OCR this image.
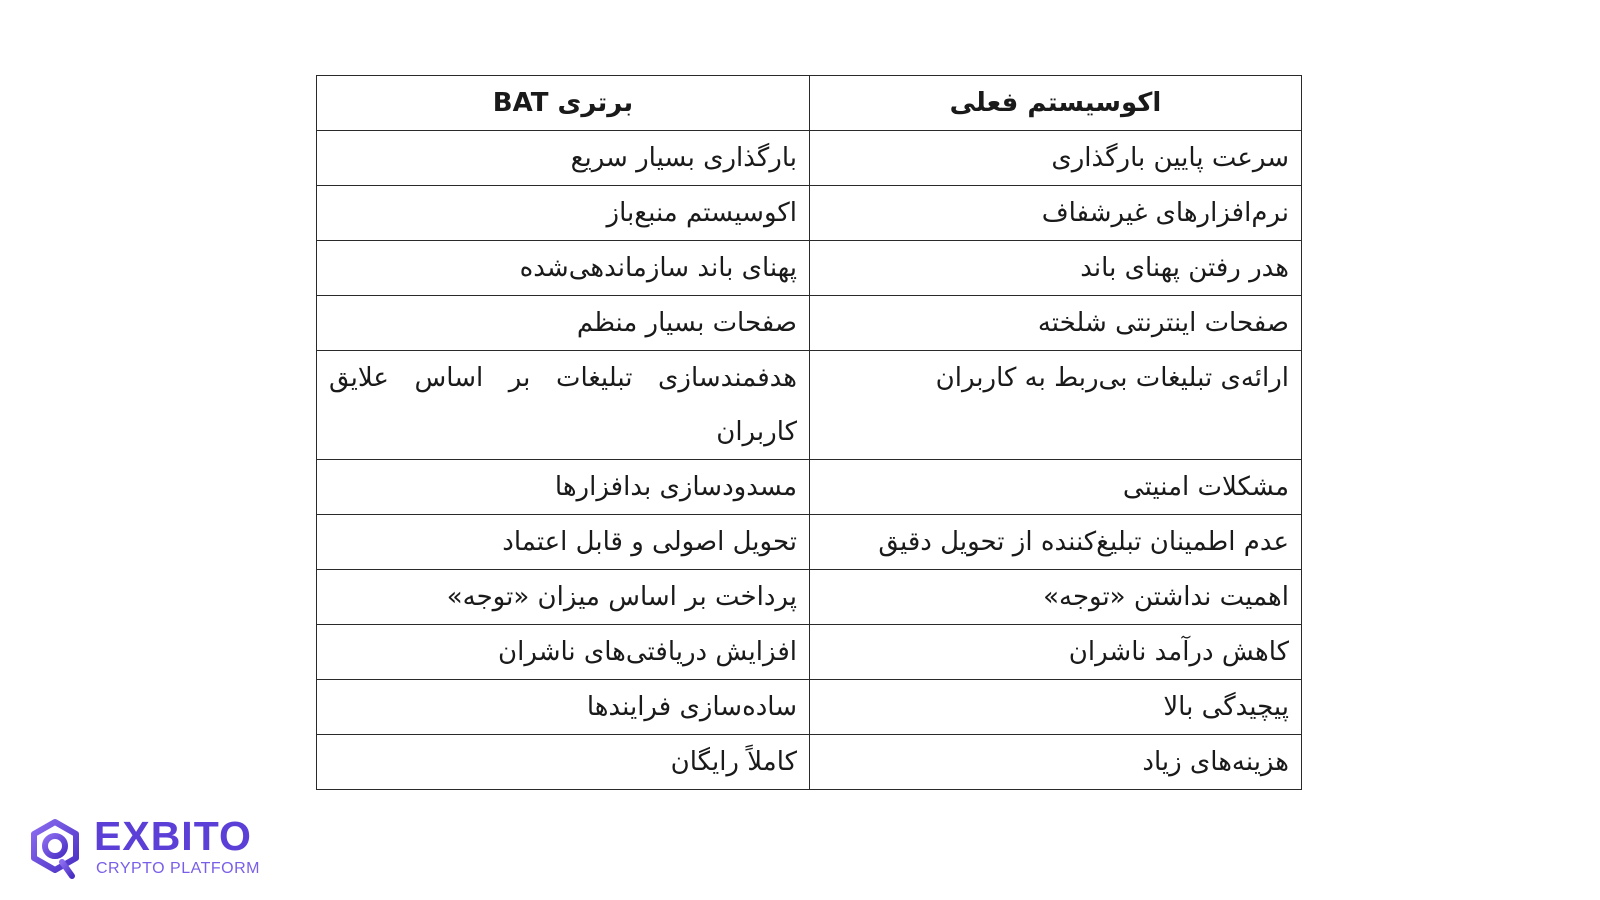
اکوسیستم فعلی	برتری BAT
سرعت پایین بارگذاری	بارگذاری بسیار سریع
نرم‌افزارهای غیرشفاف	اکوسیستم منبع‌باز
هدر رفتن پهنای باند	پهنای باند سازماندهی‌شده
صفحات اینترنتی شلخته	صفحات بسیار منظم
ارائه‌ی تبلیغات بی‌ربط به کاربران	هدفمندسازی تبلیغات بر اساس علایق کاربران
مشکلات امنیتی	مسدودسازی بدافزارها
عدم اطمینان تبلیغ‌کننده از تحویل دقیق	تحویل اصولی و قابل اعتماد
اهمیت نداشتن «توجه»	پرداخت بر اساس میزان «توجه»
کاهش درآمد ناشران	افزایش دریافتی‌های ناشران
پیچیدگی بالا	ساده‌سازی فرایندها
هزینه‌های زیاد	کاملاً رایگان
EXBITO
CRYPTO PLATFORM
